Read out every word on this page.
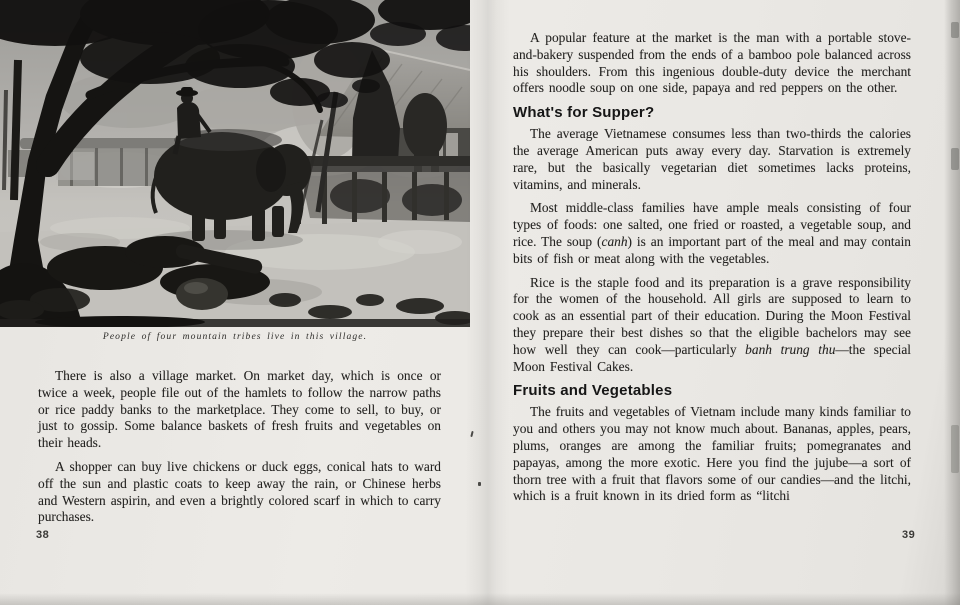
People of four mountain tribes live in this village.

There is also a village market. On market day, which is once or twice a week, people file out of the hamlets to follow the narrow paths or rice paddy banks to the marketplace. They come to sell, to buy, or just to gossip. Some balance baskets of fresh fruits and vegetables on their heads.

A shopper can buy live chickens or duck eggs, conical hats to ward off the sun and plastic coats to keep away the rain, or Chinese herbs and Western aspirin, and even a brightly colored scarf in which to carry purchases.

38

A popular feature at the market is the man with a portable stove-and-bakery suspended from the ends of a bamboo pole balanced across his shoulders. From this ingenious double-duty device the merchant offers noodle soup on one side, papaya and red peppers on the other.

What's for Supper?

The average Vietnamese consumes less than two-thirds the calories the average American puts away every day. Starvation is extremely rare, but the basically vegetarian diet sometimes lacks proteins, vitamins, and minerals.

Most middle-class families have ample meals consisting of four types of foods: one salted, one fried or roasted, a vegetable soup, and rice. The soup (canh) is an important part of the meal and may contain bits of fish or meat along with the vegetables.

Rice is the staple food and its preparation is a grave responsibility for the women of the household. All girls are supposed to learn to cook as an essential part of their education. During the Moon Festival they prepare their best dishes so that the eligible bachelors may see how well they can cook—particularly banh trung thu—the special Moon Festival Cakes.

Fruits and Vegetables

The fruits and vegetables of Vietnam include many kinds familiar to you and others you may not know much about. Bananas, apples, pears, plums, oranges are among the familiar fruits; pomegranates and papayas, among the more exotic. Here you find the jujube—a sort of thorn tree with a fruit that flavors some of our candies—and the litchi, which is a fruit known in its dried form as “litchi

39
